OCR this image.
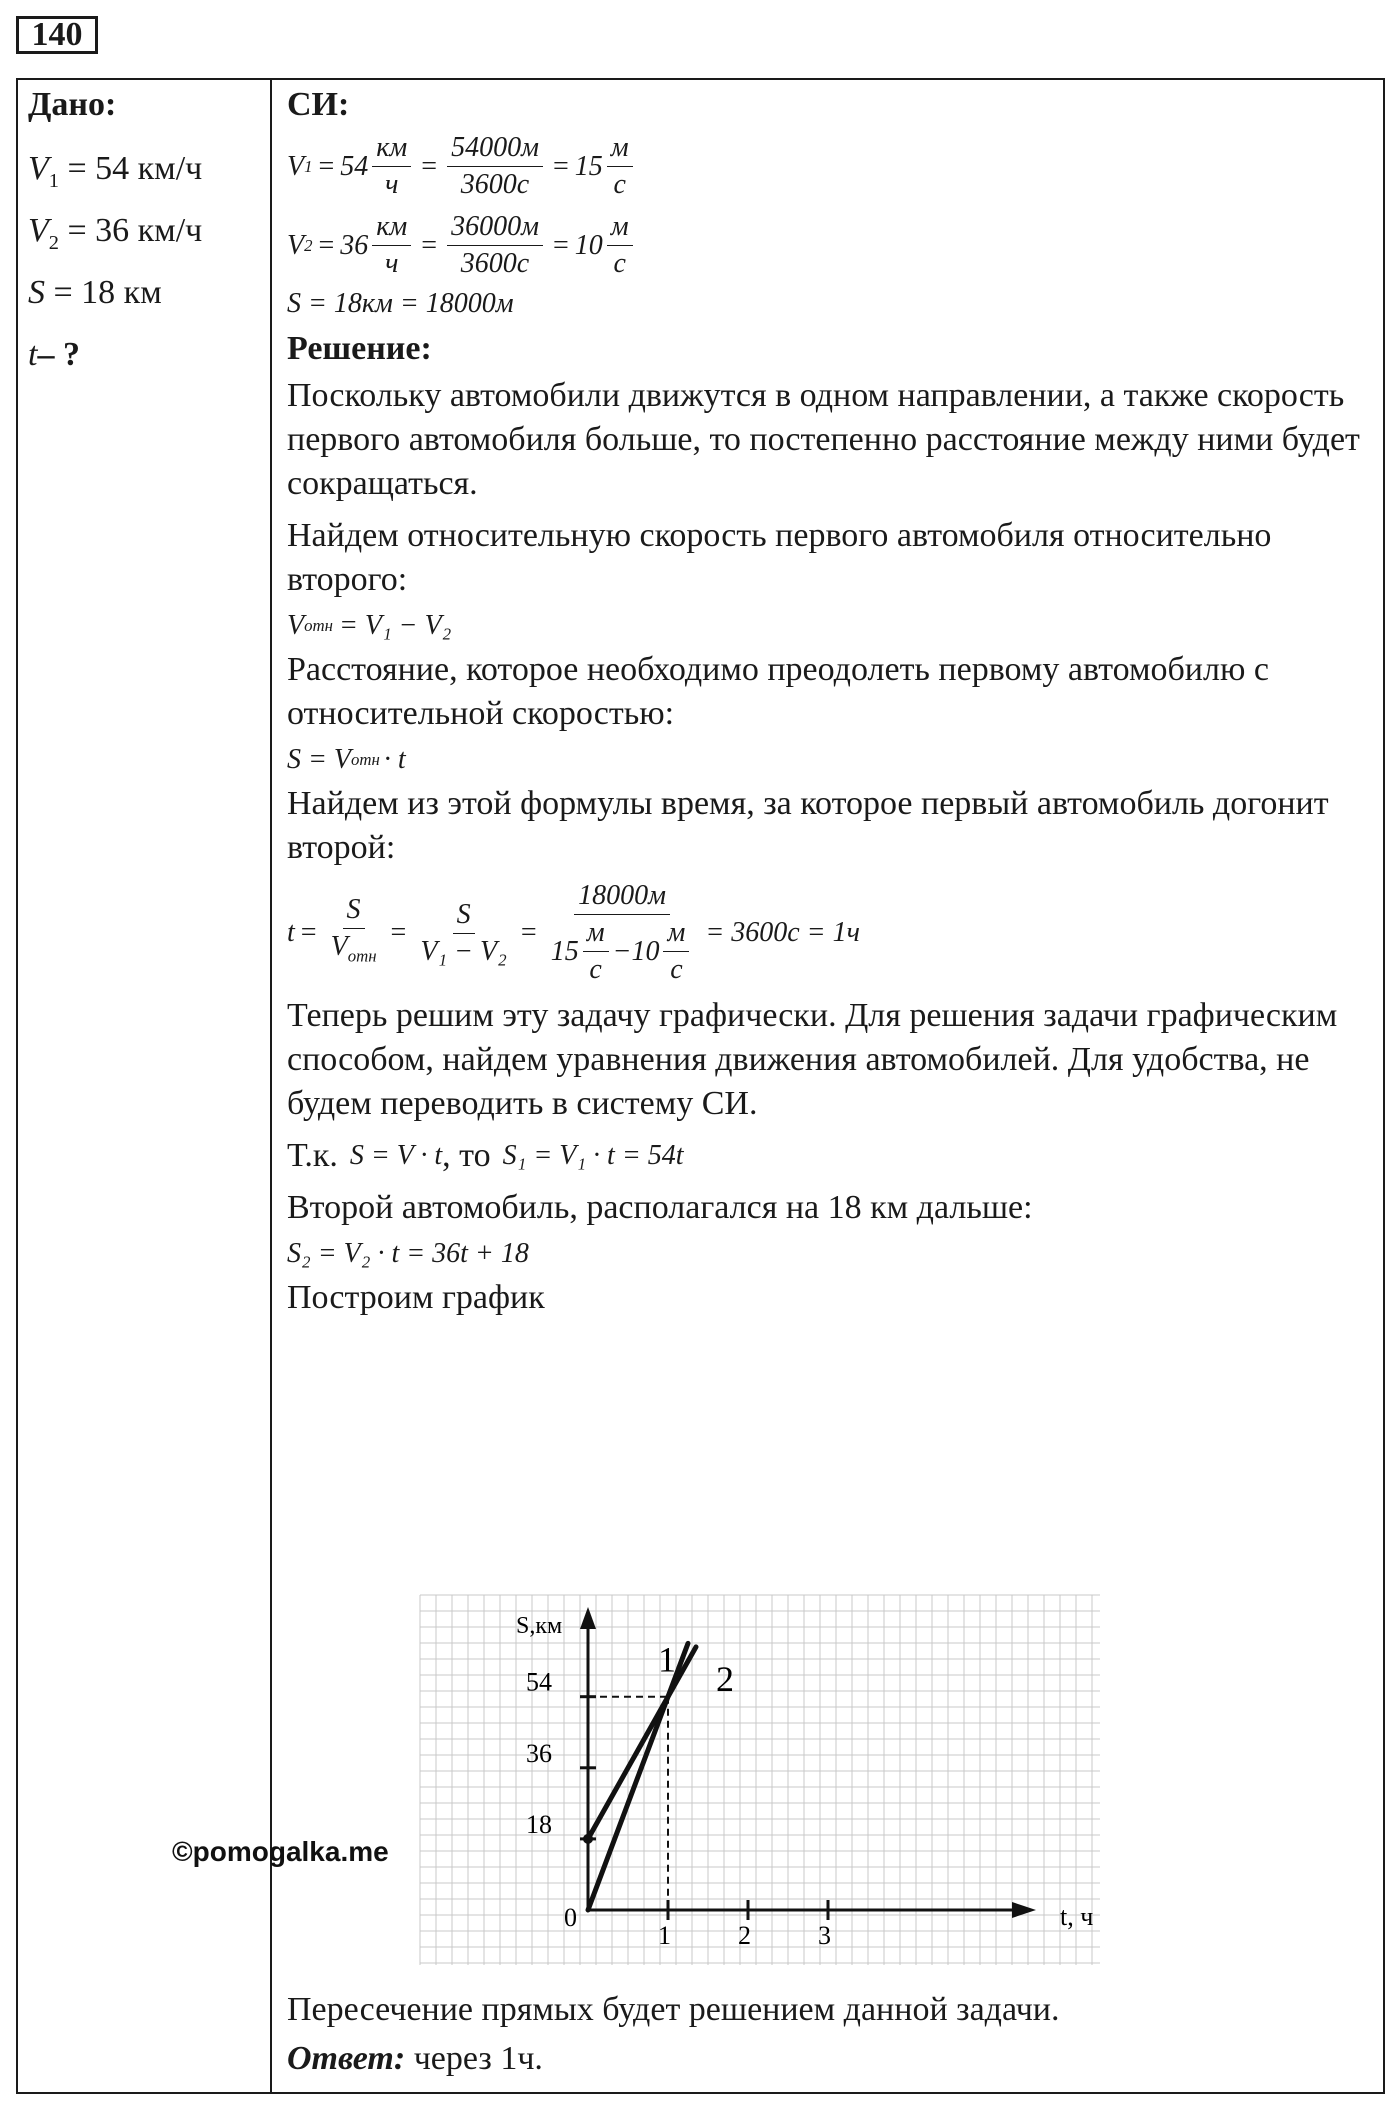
140
Дано:
$V_1 = 54$ км/ч
$V_2 = 36$ км/ч
S = 18 км
t– ?
СИ:
V $1 = 54 \frac{км}{ч} = \frac{54000м}{3600с} = 15 \frac{м}{с}$
V $2 = 36 \frac{км}{ч} = \frac{36000м}{3600с} = 10 \frac{м}{с}$
S = 18км = 18000м
Решение:
Поскольку автомобили движутся в одном направлении, а также скорость первого автомобиля больше, то постепенно расстояние между ними будет сокращаться.
Найдем относительную скорость первого автомобиля относительно второго:
V отн = V₁ − V₂
Расстояние, которое необходимо преодолеть первому автомобилю с относительной скоростью:
S = V отн · t
Найдем из этой формулы время, за которое первый автомобиль догонит второй:
$t = \frac{S}{V_{отн}} = \frac{S}{\text{V₁ − V₂}} = \frac{18000м}{15 \frac{м}{с} - 10 \frac{м}{с}} = 3600с = 1ч$
Теперь решим эту задачу графически. Для решения задачи графическим способом, найдем уравнения движения автомобилей. Для удобства, не будем переводить в систему СИ.
Т.к. S = V · t , то S₁ = V₁ · t = 54t
Второй автомобиль, располагался на 18 км дальше:
S₂ = V₂ · t = 36t + 18
Построим график
t, ч
S,км
0
1	2	3
18
36
54
1 2
©pomogalka.me
Пересечение прямых будет решением данной задачи.
Ответ: через 1ч.
